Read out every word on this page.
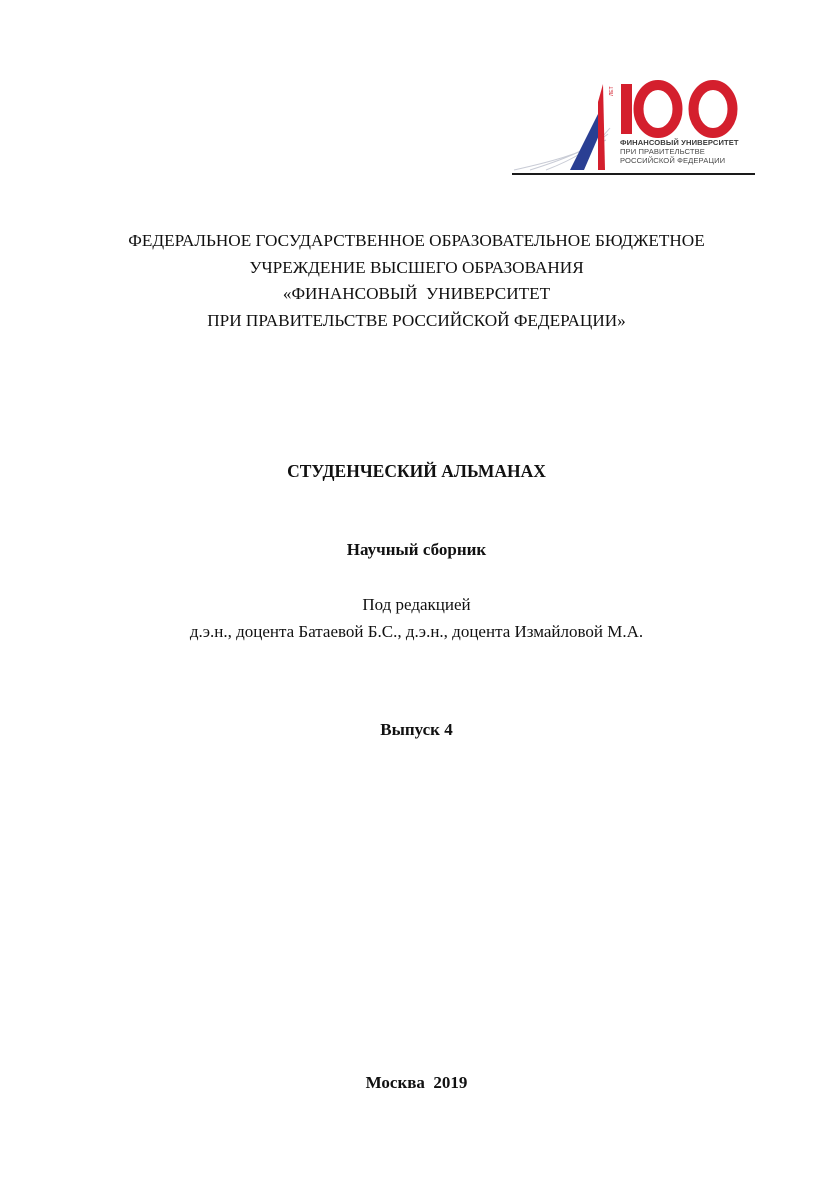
ЛЕТ
ФИНАНСОВЫЙ УНИВЕРСИТЕТ
ПРИ ПРАВИТЕЛЬСТВЕ
РОССИЙСКОЙ ФЕДЕРАЦИИ
ФЕДЕРАЛЬНОЕ ГОСУДАРСТВЕННОЕ ОБРАЗОВАТЕЛЬНОЕ БЮДЖЕТНОЕ
УЧРЕЖДЕНИЕ ВЫСШЕГО ОБРАЗОВАНИЯ
«ФИНАНСОВЫЙ  УНИВЕРСИТЕТ
ПРИ ПРАВИТЕЛЬСТВЕ РОССИЙСКОЙ ФЕДЕРАЦИИ»
СТУДЕНЧЕСКИЙ АЛЬМАНАХ
Научный сборник
Под редакцией
д.э.н., доцента Батаевой Б.С., д.э.н., доцента Измайловой М.А.
Выпуск 4
Москва  2019
